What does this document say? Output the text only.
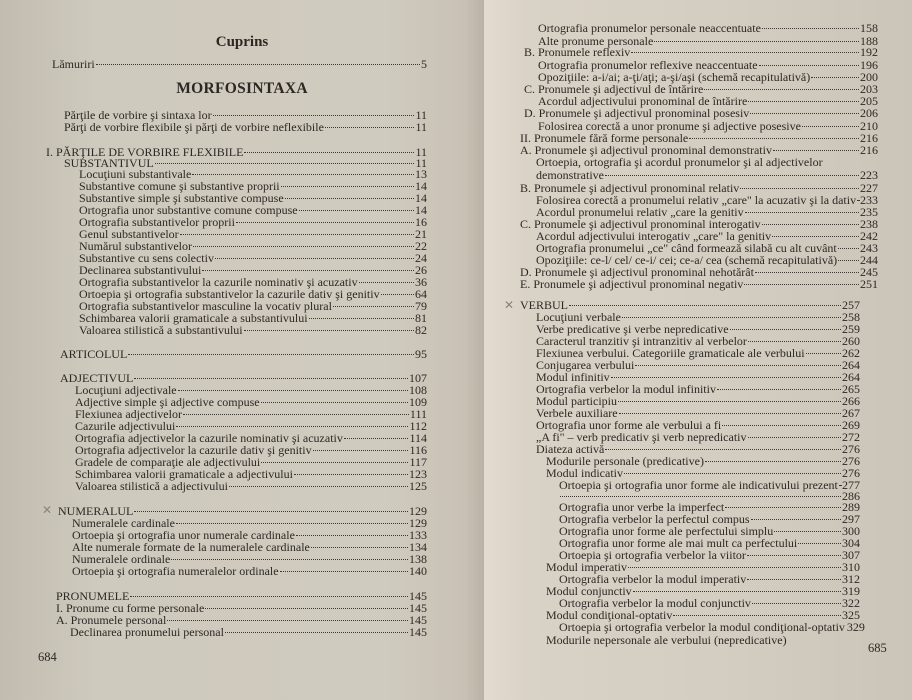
Cuprins
Lămuriri	5
MORFOSINTAXA
Părţile de vorbire şi sintaxa lor	11
Părţi de vorbire flexibile şi părţi de vorbire neflexibile	11
I. PĂRŢILE DE VORBIRE FLEXIBILE	11
SUBSTANTIVUL	11
Locuţiuni substantivale	13
Substantive comune şi substantive proprii	14
Substantive simple şi substantive compuse	14
Ortografia unor substantive comune compuse	14
Ortografia substantivelor proprii	16
Genul substantivelor	21
Numărul substantivelor	22
Substantive cu sens colectiv	24
Declinarea substantivului	26
Ortografia substantivelor la cazurile nominativ şi acuzativ	36
Ortoepia şi ortografia substantivelor la cazurile dativ şi genitiv	64
Ortografia substantivelor masculine la vocativ plural	79
Schimbarea valorii gramaticale a substantivului	81
Valoarea stilistică a substantivului	82
ARTICOLUL	95
ADJECTIVUL	107
Locuţiuni adjectivale	108
Adjective simple şi adjective compuse	109
Flexiunea adjectivelor	111
Cazurile adjectivului	112
Ortografia adjectivelor la cazurile nominativ şi acuzativ	114
Ortografia adjectivelor la cazurile dativ şi genitiv	116
Gradele de comparaţie ale adjectivului	117
Schimbarea valorii gramaticale a adjectivului	123
Valoarea stilistică a adjectivului	125
✕ NUMERALUL	129
Numeralele cardinale	129
Ortoepia şi ortografia unor numerale cardinale	133
Alte numerale formate de la numeralele cardinale	134
Numeralele ordinale	138
Ortoepia şi ortografia numeralelor ordinale	140
PRONUMELE	145
I. Pronume cu forme personale	145
A. Pronumele personal	145
Declinarea pronumelui personal	145
684
Ortografia pronumelor personale neaccentuate	158
Alte pronume personale	188
B. Pronumele reflexiv	192
Ortografia pronumelor reflexive neaccentuate	196
Opoziţiile: a-i/ai; a-ţi/aţi; a-şi/aşi (schemă recapitulativă)	200
C. Pronumele şi adjectivul de întărire	203
Acordul adjectivului pronominal de întărire	205
D. Pronumele şi adjectivul pronominal posesiv	206
Folosirea corectă a unor pronume şi adjective posesive	210
II. Pronumele fără forme personale	216
A. Pronumele şi adjectivul pronominal demonstrativ	216
Ortoepia, ortografia şi acordul pronumelor şi al adjectivelor
demonstrative	223
B. Pronumele şi adjectivul pronominal relativ	227
Folosirea corectă a pronumelui relativ „care" la acuzativ şi la dativ 233
Acordul pronumelui relativ „care la genitiv	235
C. Pronumele şi adjectivul pronominal interogativ	238
Acordul adjectivului interogativ „care" la genitiv	242
Ortografia pronumelui „ce" când formează silabă cu alt cuvânt 243
Opoziţiile: ce-l/ cel/ ce-i/ cei; ce-a/ cea (schemă recapitulativă) 244
D. Pronumele şi adjectivul pronominal nehotărât	245
E. Pronumele şi adjectivul pronominal negativ	251
✕ VERBUL	257
Locuţiuni verbale	258
Verbe predicative şi verbe nepredicative	259
Caracterul tranzitiv şi intranzitiv al verbelor	260
Flexiunea verbului. Categoriile gramaticale ale verbului	262
Conjugarea verbului	264
Modul infinitiv	264
Ortografia verbelor la modul infinitiv	265
Modul participiu	266
Verbele auxiliare	267
Ortografia unor forme ale verbului a fi	269
„A fi" – verb predicativ şi verb nepredicativ	272
Diateza activă	276
Modurile personale (predicative)	276
Modul indicativ	276
Ortoepia şi ortografia unor forme ale indicativului prezent 277
286
Ortografia unor verbe la imperfect	289
Ortografia verbelor la perfectul compus	297
Ortografia unor forme ale perfectului simplu	300
Ortografia unor forme ale mai mult ca perfectului	304
Ortoepia şi ortografia verbelor la viitor	307
Modul imperativ	310
Ortografia verbelor la modul imperativ	312
Modul conjunctiv	319
Ortografia verbelor la modul conjunctiv	322
Modul condiţional-optativ	325
Ortoepia şi ortografia verbelor la modul condiţional-optativ 329
Modurile nepersonale ale verbului (nepredicative)
685
